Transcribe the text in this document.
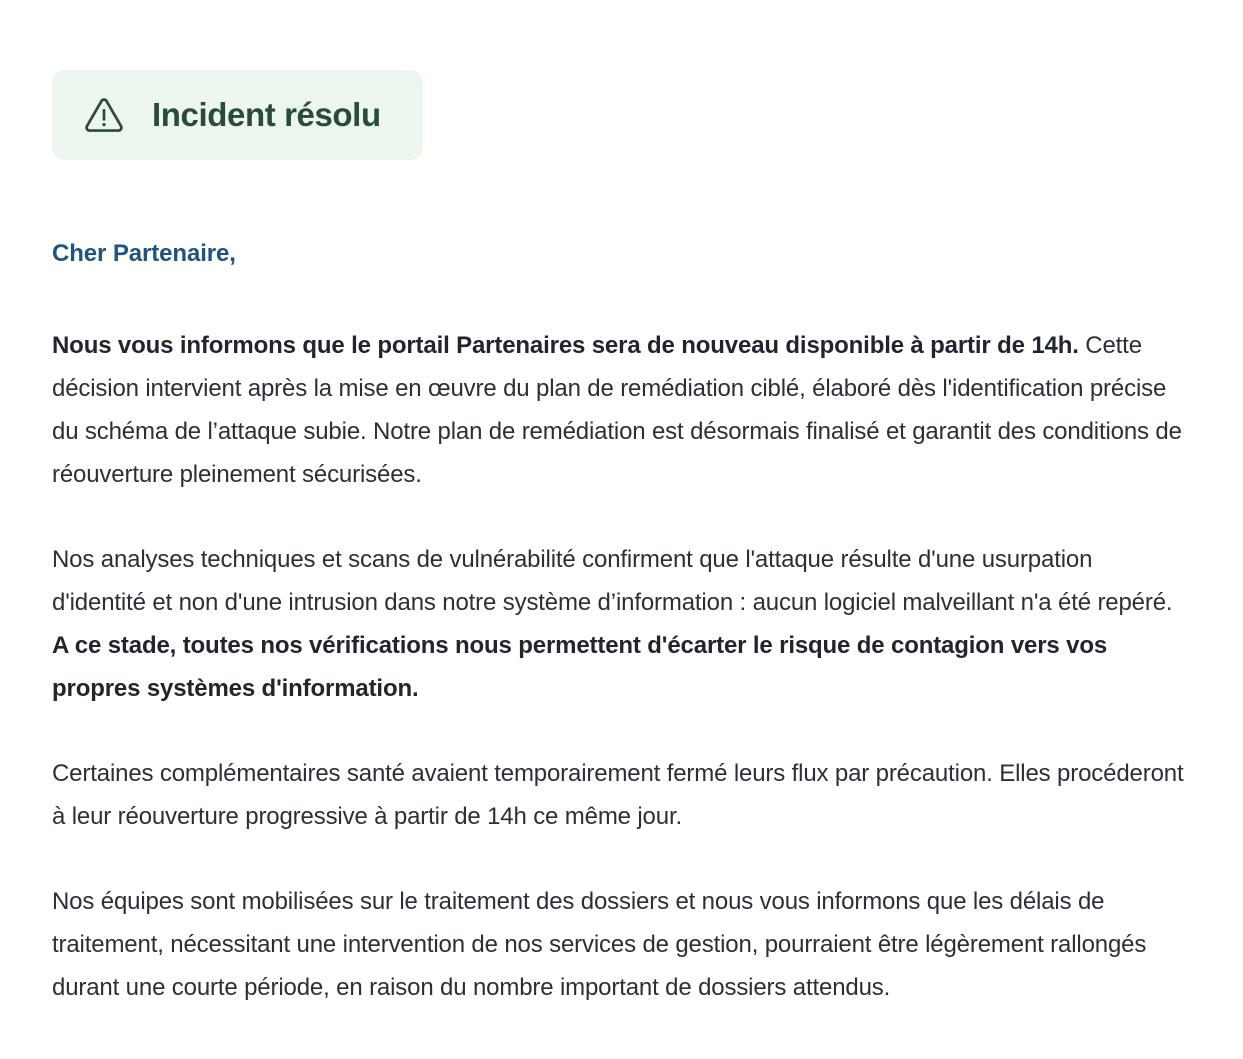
Incident résolu

Cher Partenaire,

Nous vous informons que le portail Partenaires sera de nouveau disponible à partir de 14h. Cette décision intervient après la mise en œuvre du plan de remédiation ciblé, élaboré dès l'identification précise du schéma de l’attaque subie. Notre plan de remédiation est désormais finalisé et garantit des conditions de réouverture pleinement sécurisées.

Nos analyses techniques et scans de vulnérabilité confirment que l'attaque résulte d'une usurpation d'identité et non d'une intrusion dans notre système d’information : aucun logiciel malveillant n'a été repéré. A ce stade, toutes nos vérifications nous permettent d'écarter le risque de contagion vers vos propres systèmes d'information.

Certaines complémentaires santé avaient temporairement fermé leurs flux par précaution. Elles procéderont à leur réouverture progressive à partir de 14h ce même jour.

Nos équipes sont mobilisées sur le traitement des dossiers et nous vous informons que les délais de traitement, nécessitant une intervention de nos services de gestion, pourraient être légèrement rallongés durant une courte période, en raison du nombre important de dossiers attendus.
